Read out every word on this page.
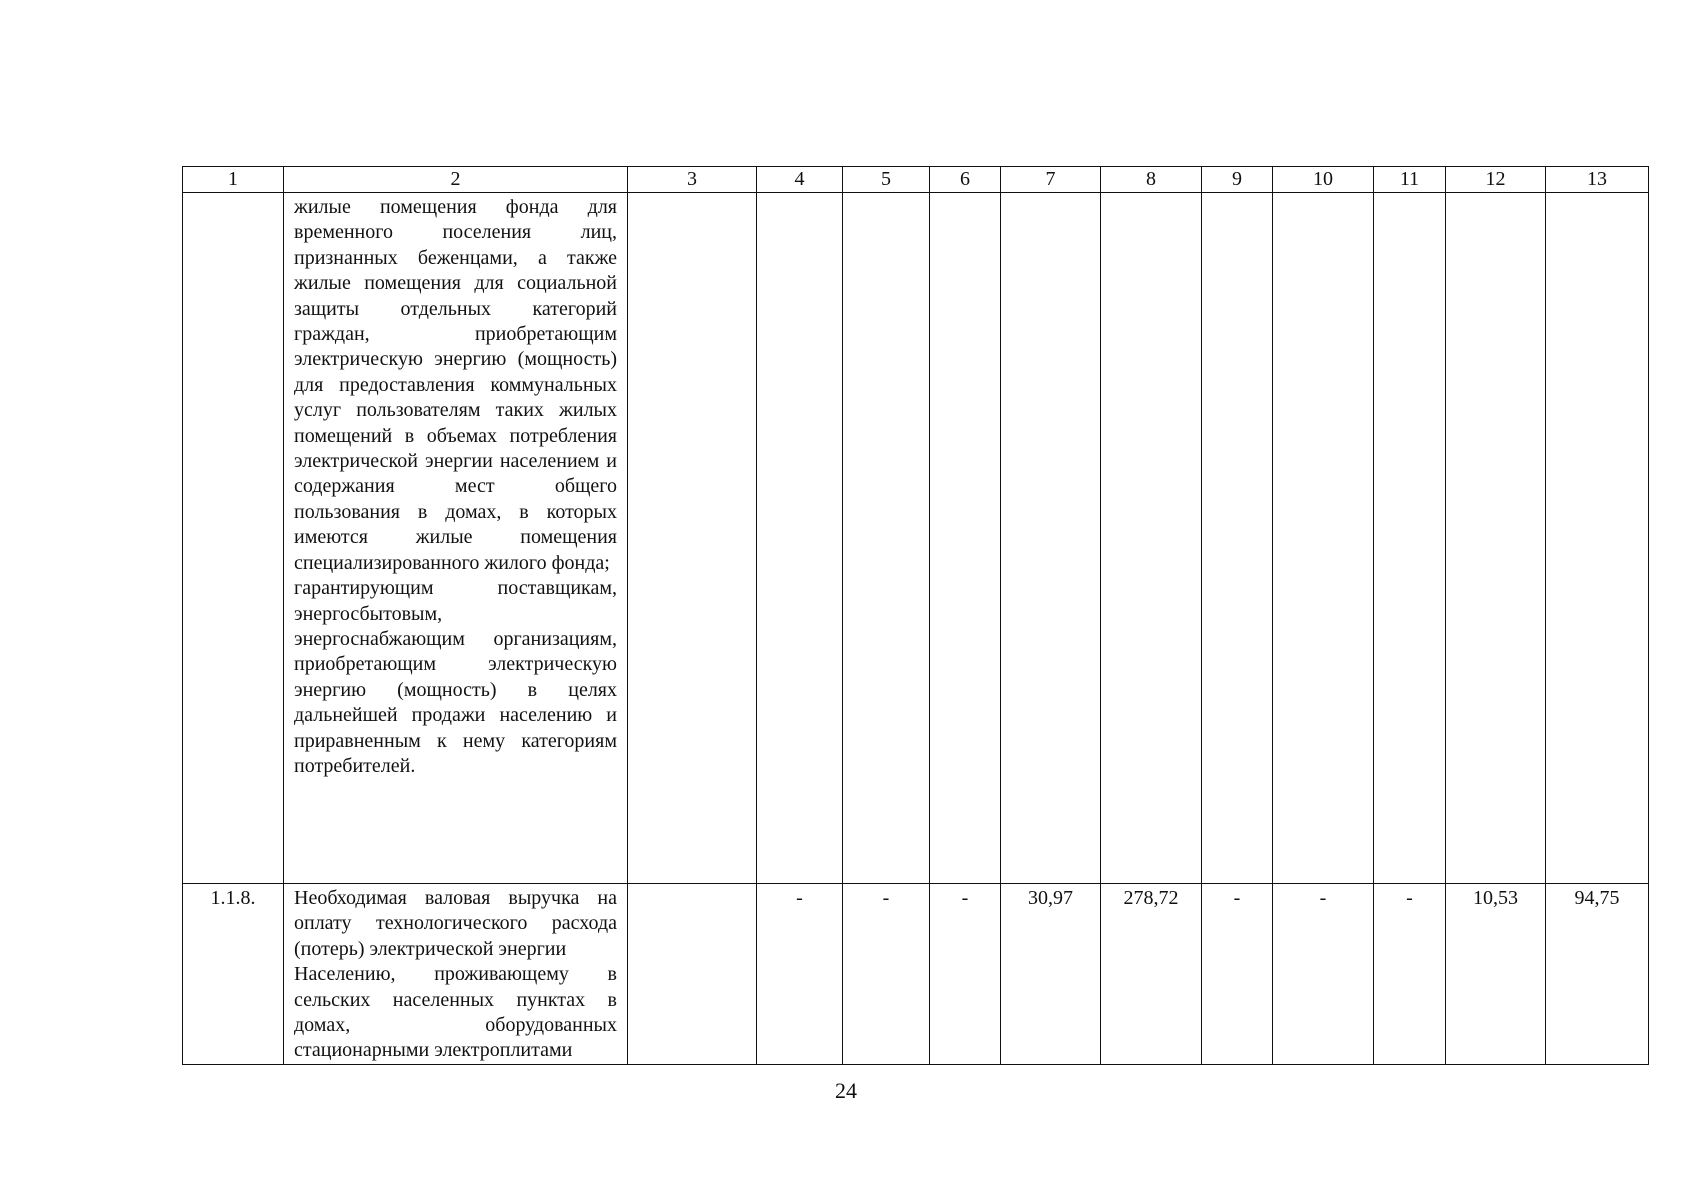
1	2	3	4	5	6	7	8	9	10	11	12	13

	жилые помещения фонда для временного поселения лиц, признанных беженцами, а также жилые помещения для социальной защиты отдельных категорий граждан, приобретающим электрическую энергию (мощность) для предоставления коммунальных услуг пользователям таких жилых помещений в объемах потребления электрической энергии населением и содержания мест общего пользования в домах, в которых имеются жилые помещения специализированного жилого фонда;
гарантирующим поставщикам, энергосбытовым, энергоснабжающим организациям, приобретающим электрическую энергию (мощность) в целях дальнейшей продажи населению и приравненным к нему категориям потребителей.											

1.1.8.	Необходимая валовая выручка на оплату технологического расхода (потерь) электрической энергии
Населению, проживающему в сельских населенных пунктах в домах, оборудованных стационарными электроплитами		-	-	-	30,97	278,72	-	-	-	10,53	94,75
24
